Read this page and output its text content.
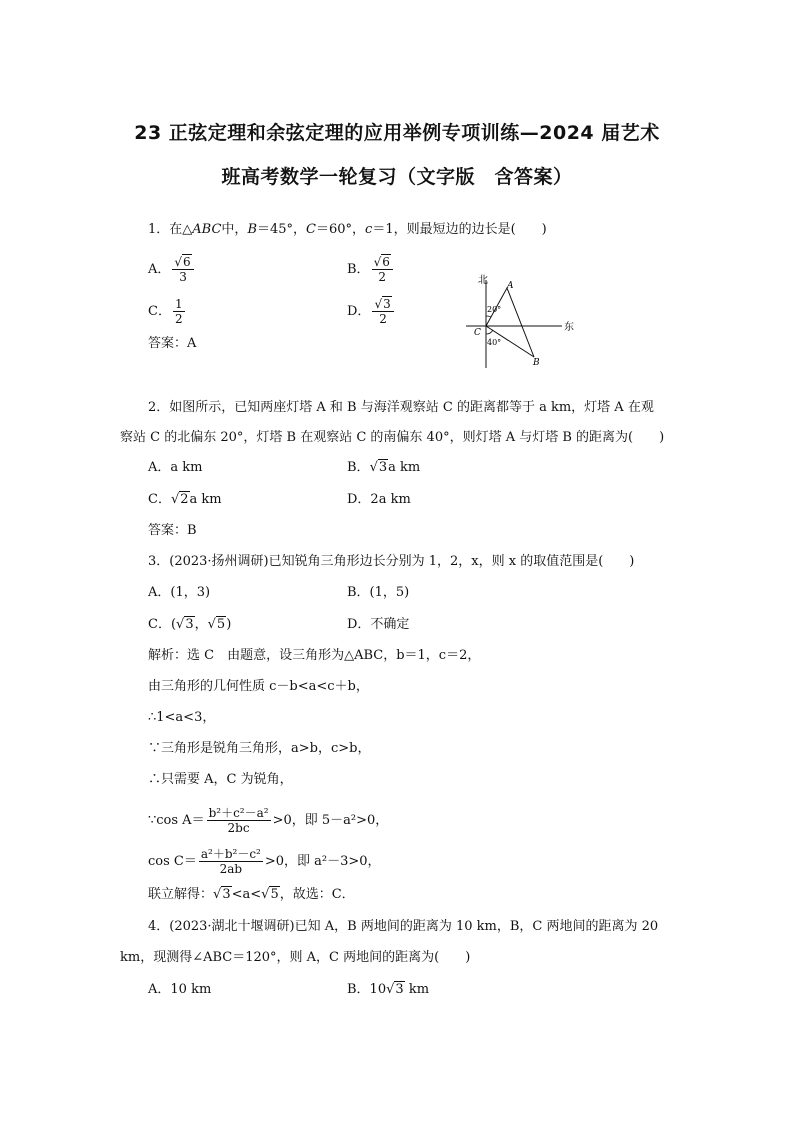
23 正弦定理和余弦定理的应用举例专项训练—2024 届艺术
班高考数学一轮复习（文字版　含答案）
1．在△ABC中，B＝45°，C＝60°，c＝1，则最短边的边长是(　　)
A． $\frac{√6}{3}$	B． $\frac{√6}{2}$
C． $\frac{1}{2}$	D． $\frac{√3}{2}$
答案：A
北
东
A
B
C
20°
40°
2．如图所示，已知两座灯塔 A 和 B 与海洋观察站 C 的距离都等于 a km，灯塔 A 在观
察站 C 的北偏东 20°，灯塔 B 在观察站 C 的南偏东 40°，则灯塔 A 与灯塔 B 的距离为(　　)
A．a km	B．√3a km
C．√2a km	D．2a km
答案：B
3．(2023·扬州调研)已知锐角三角形边长分别为 1，2，x，则 x 的取值范围是(　　)
A．(1，3)	B．(1，5)
C．(√3，√5)	D．不确定
解析：选 C　由题意，设三角形为△ABC，b＝1，c＝2，
由三角形的几何性质 c－b<a<c＋b，
∴1<a<3，
∵三角形是锐角三角形，a>b，c>b，
∴只需要 A，C 为锐角，
∵cos $A= \frac{\text{b²＋c²－a²}}{2bc} >0$，即 5－a²>0，
$\cos C= \frac{\text{a²＋b²－c²}}{2ab} >0$，即 a²－3>0，
联立解得：√3<a<√5，故选：C．
4．(2023·湖北十堰调研)已知 A，B 两地间的距离为 10 km，B，C 两地间的距离为 20
km，现测得∠ABC＝120°，则 A，C 两地间的距离为(　　)
A．10 km	B．10√3 km
